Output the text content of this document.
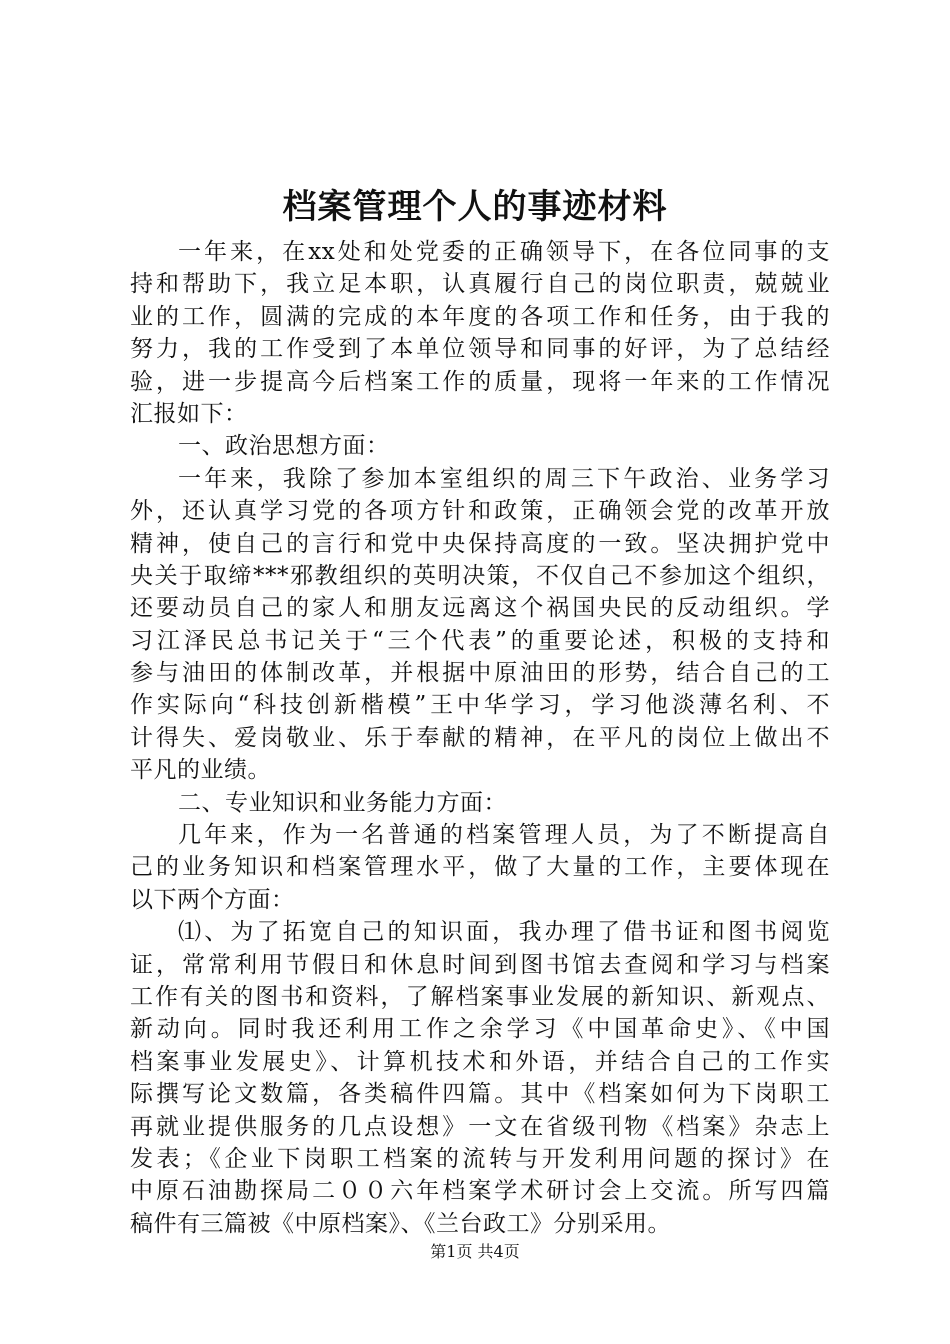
档案管理个人的事迹材料
一年来，在xx处和处党委的正确领导下，在各位同事的支
持和帮助下，我立足本职，认真履行自己的岗位职责，兢兢业
业的工作，圆满的完成的本年度的各项工作和任务，由于我的
努力，我的工作受到了本单位领导和同事的好评，为了总结经
验，进一步提高今后档案工作的质量，现将一年来的工作情况
汇报如下：
一、政治思想方面：
一年来，我除了参加本室组织的周三下午政治、业务学习
外，还认真学习党的各项方针和政策，正确领会党的改革开放
精神，使自己的言行和党中央保持高度的一致。坚决拥护党中
央关于取缔***邪教组织的英明决策，不仅自己不参加这个组织，
还要动员自己的家人和朋友远离这个祸国央民的反动组织。学
习江泽民总书记关于“三个代表”的重要论述，积极的支持和
参与油田的体制改革，并根据中原油田的形势，结合自己的工
作实际向“科技创新楷模”王中华学习，学习他淡薄名利、不
计得失、爱岗敬业、乐于奉献的精神，在平凡的岗位上做出不
平凡的业绩。
二、专业知识和业务能力方面：
几年来，作为一名普通的档案管理人员，为了不断提高自
己的业务知识和档案管理水平，做了大量的工作，主要体现在
以下两个方面：
⑴、为了拓宽自己的知识面，我办理了借书证和图书阅览
证，常常利用节假日和休息时间到图书馆去查阅和学习与档案
工作有关的图书和资料，了解档案事业发展的新知识、新观点、
新动向。同时我还利用工作之余学习《中国革命史》、《中国
档案事业发展史》、计算机技术和外语，并结合自己的工作实
际撰写论文数篇，各类稿件四篇。其中《档案如何为下岗职工
再就业提供服务的几点设想》一文在省级刊物《档案》杂志上
发表；《企业下岗职工档案的流转与开发利用问题的探讨》在
中原石油勘探局二００六年档案学术研讨会上交流。所写四篇
稿件有三篇被《中原档案》、《兰台政工》分别采用。
第1页 共4页
